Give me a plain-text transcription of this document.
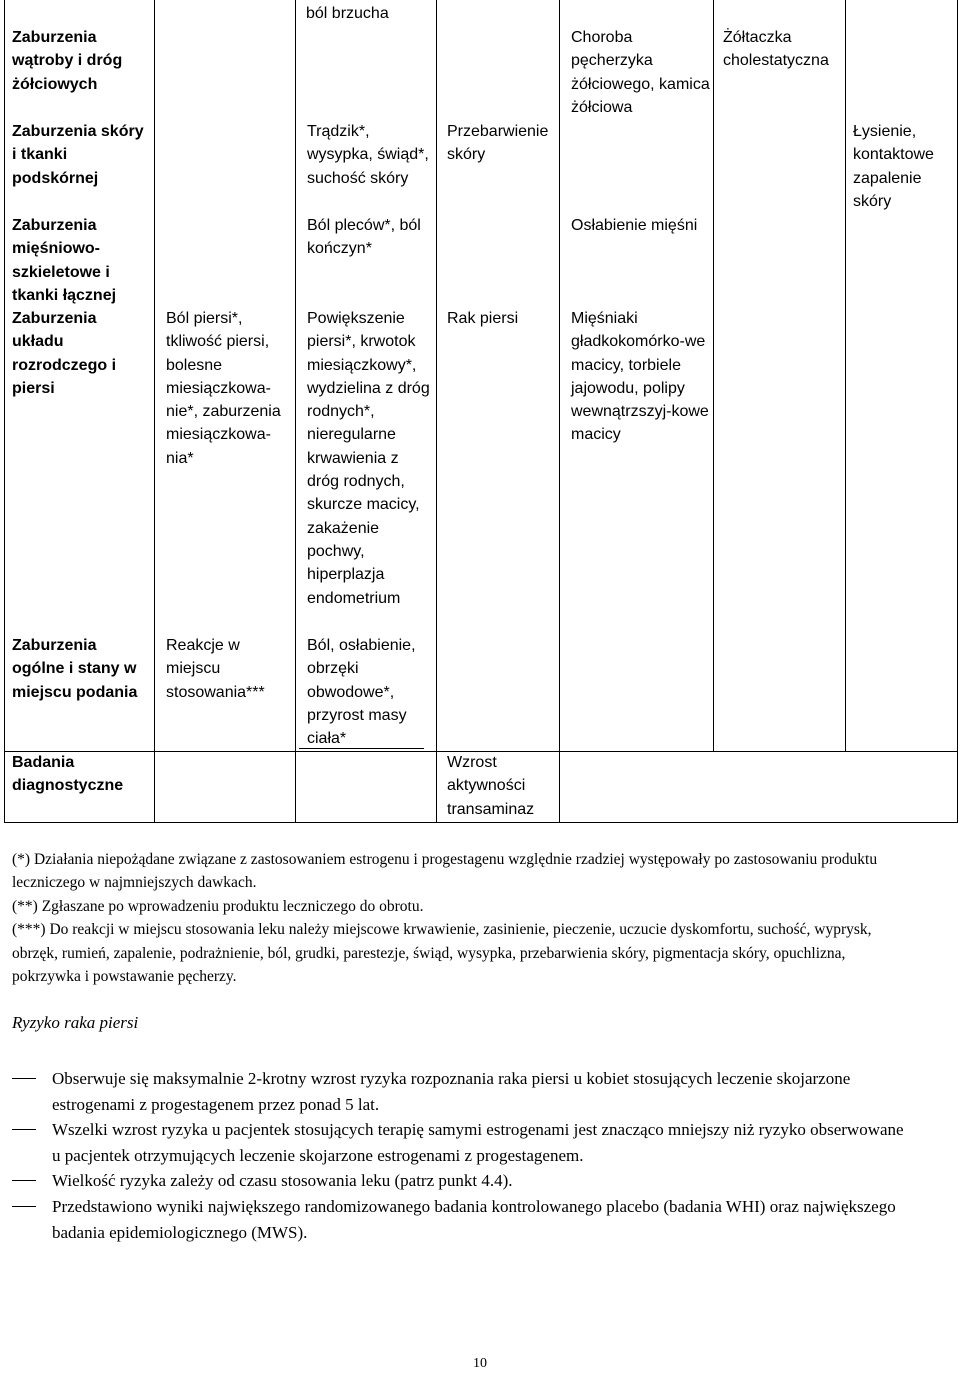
ból brzucha
Zaburzenia wątroby i dróg żółciowych
Choroba pęcherzyka żółciowego, kamica żółciowa
Żółtaczka cholestatyczna
Zaburzenia skóry i tkanki podskórnej
Trądzik*, wysypka, świąd*, suchość skóry
Przebarwienie skóry
Łysienie, kontaktowe zapalenie skóry
Zaburzenia mięśniowo-szkieletowe i tkanki łącznej
Ból pleców*, ból kończyn*
Osłabienie mięśni
Zaburzenia układu rozrodczego i piersi
Ból piersi*, tkliwość piersi, bolesne miesiączkowa-nie*, zaburzenia miesiączkowa-nia*
Powiększenie piersi*, krwotok miesiączkowy*, wydzielina z dróg rodnych*, nieregularne krwawienia z dróg rodnych, skurcze macicy, zakażenie pochwy, hiperplazja endometrium
Rak piersi	Mięśniaki gładkokomórko-we macicy, torbiele jajowodu, polipy wewnątrzszyj-kowe macicy
Zaburzenia ogólne i stany w miejscu podania
Reakcje w miejscu stosowania***
Ból, osłabienie, obrzęki obwodowe*, przyrost masy ciała*
Badania diagnostyczne
Wzrost aktywności transaminaz

(*) Działania niepożądane związane z zastosowaniem estrogenu i progestagenu względnie rzadziej występowały po zastosowaniu produktu leczniczego w najmniejszych dawkach.

(**) Zgłaszane po wprowadzeniu produktu leczniczego do obrotu.

(***) Do reakcji w miejscu stosowania leku należy miejscowe krwawienie, zasinienie, pieczenie, uczucie dyskomfortu, suchość, wyprysk, obrzęk, rumień, zapalenie, podrażnienie, ból, grudki, parestezje, świąd, wysypka, przebarwienia skóry, pigmentacja skóry, opuchlizna, pokrzywka i powstawanie pęcherzy.

Ryzyko raka piersi
Obserwuje się maksymalnie 2-krotny wzrost ryzyka rozpoznania raka piersi u kobiet stosujących leczenie skojarzone estrogenami z progestagenem przez ponad 5 lat.
Wszelki wzrost ryzyka u pacjentek stosujących terapię samymi estrogenami jest znacząco mniejszy niż ryzyko obserwowane u pacjentek otrzymujących leczenie skojarzone estrogenami z progestagenem.
Wielkość ryzyka zależy od czasu stosowania leku (patrz punkt 4.4).
Przedstawiono wyniki największego randomizowanego badania kontrolowanego placebo (badania WHI) oraz największego badania epidemiologicznego (MWS).
10
